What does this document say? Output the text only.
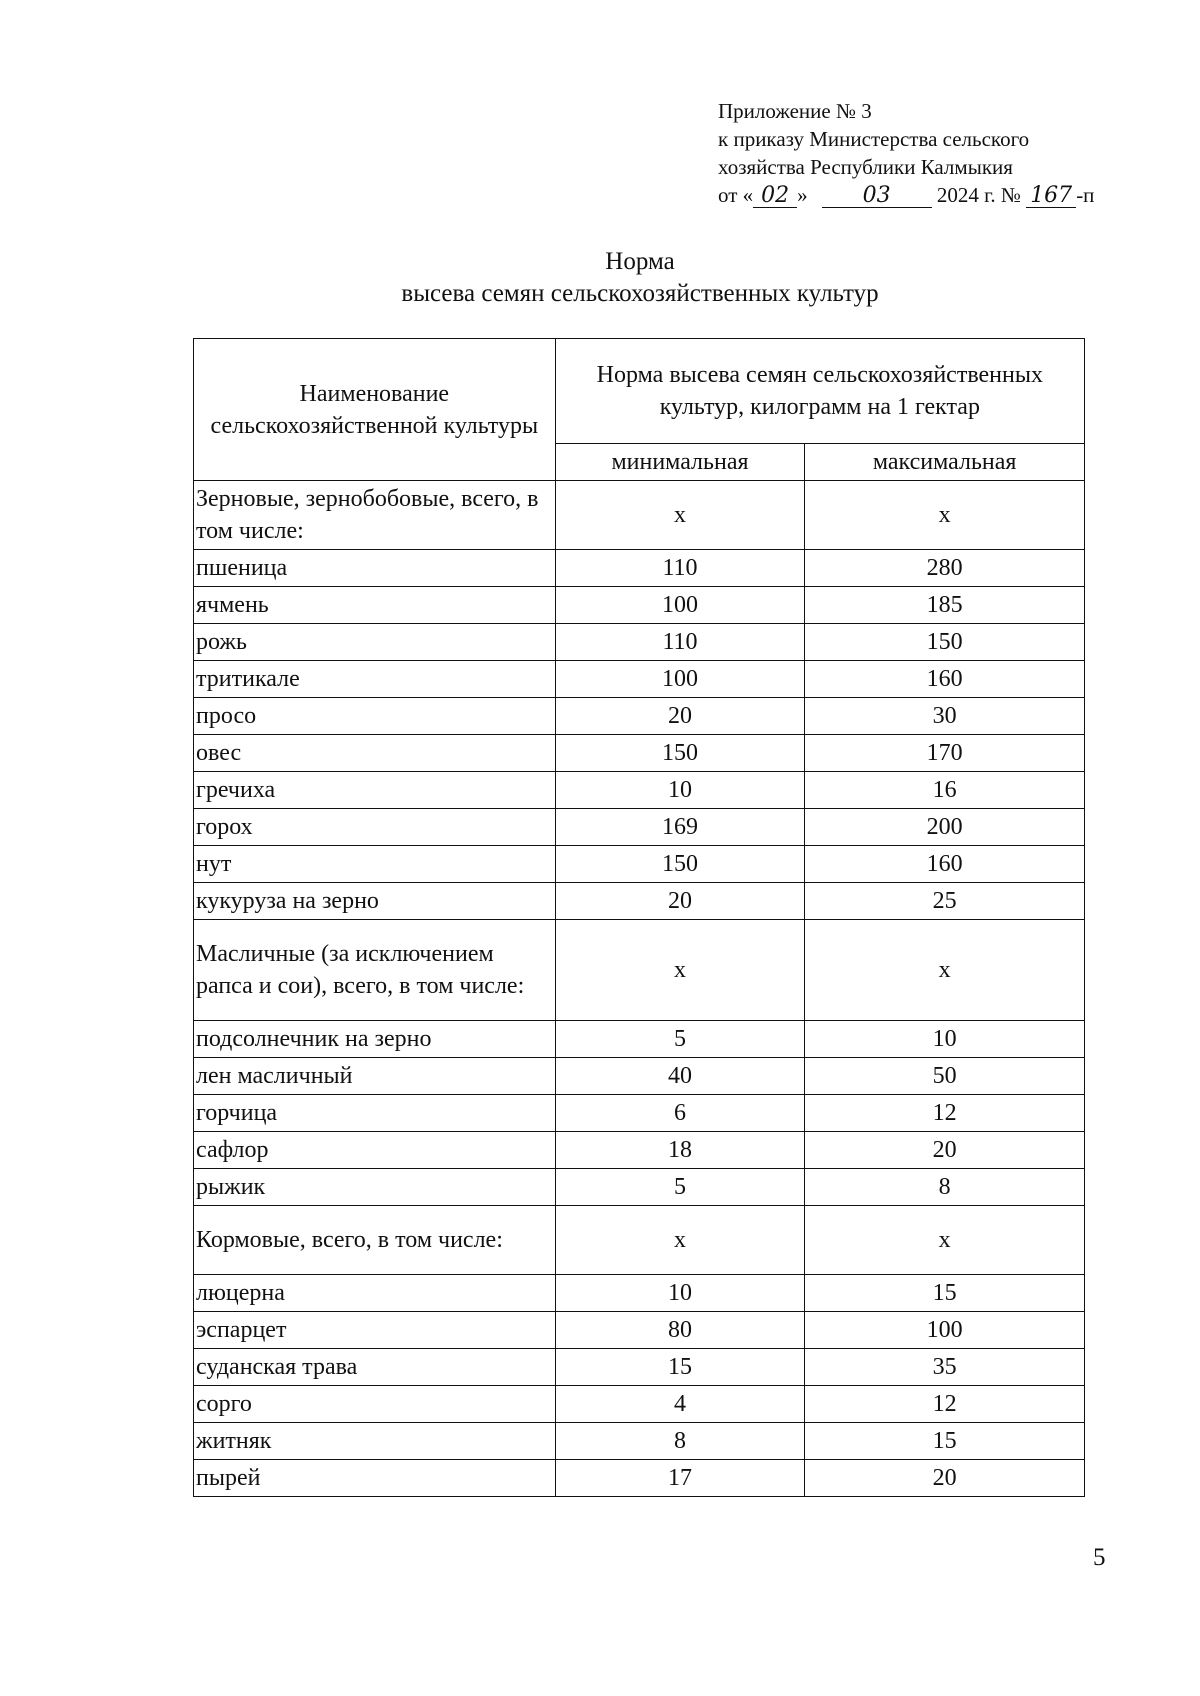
Приложение № 3
к приказу Министерства сельского
хозяйства Республики Калмыкия
от « 02 »	03 2024 г. № 167 -п
Норма
высева семян сельскохозяйственных культур
Наименование сельскохозяйственной культуры	Норма высева семян сельскохозяйственных культур, килограмм на 1 гектар	
	минимальная	максимальная
Зерновые, зернобобовые, всего, в том числе:	х	х
пшеница	110	280
ячмень	100	185
рожь	110	150
тритикале	100	160
просо	20	30
овес	150	170
гречиха	10	16
горох	169	200
нут	150	160
кукуруза на зерно	20	25
Масличные (за исключением рапса и сои), всего, в том числе:	х	х
подсолнечник на зерно	5	10
лен масличный	40	50
горчица	6	12
сафлор	18	20
рыжик	5	8
Кормовые, всего, в том числе:	х	х
люцерна	10	15
эспарцет	80	100
суданская трава	15	35
сорго	4	12
житняк	8	15
пырей	17	20
5
